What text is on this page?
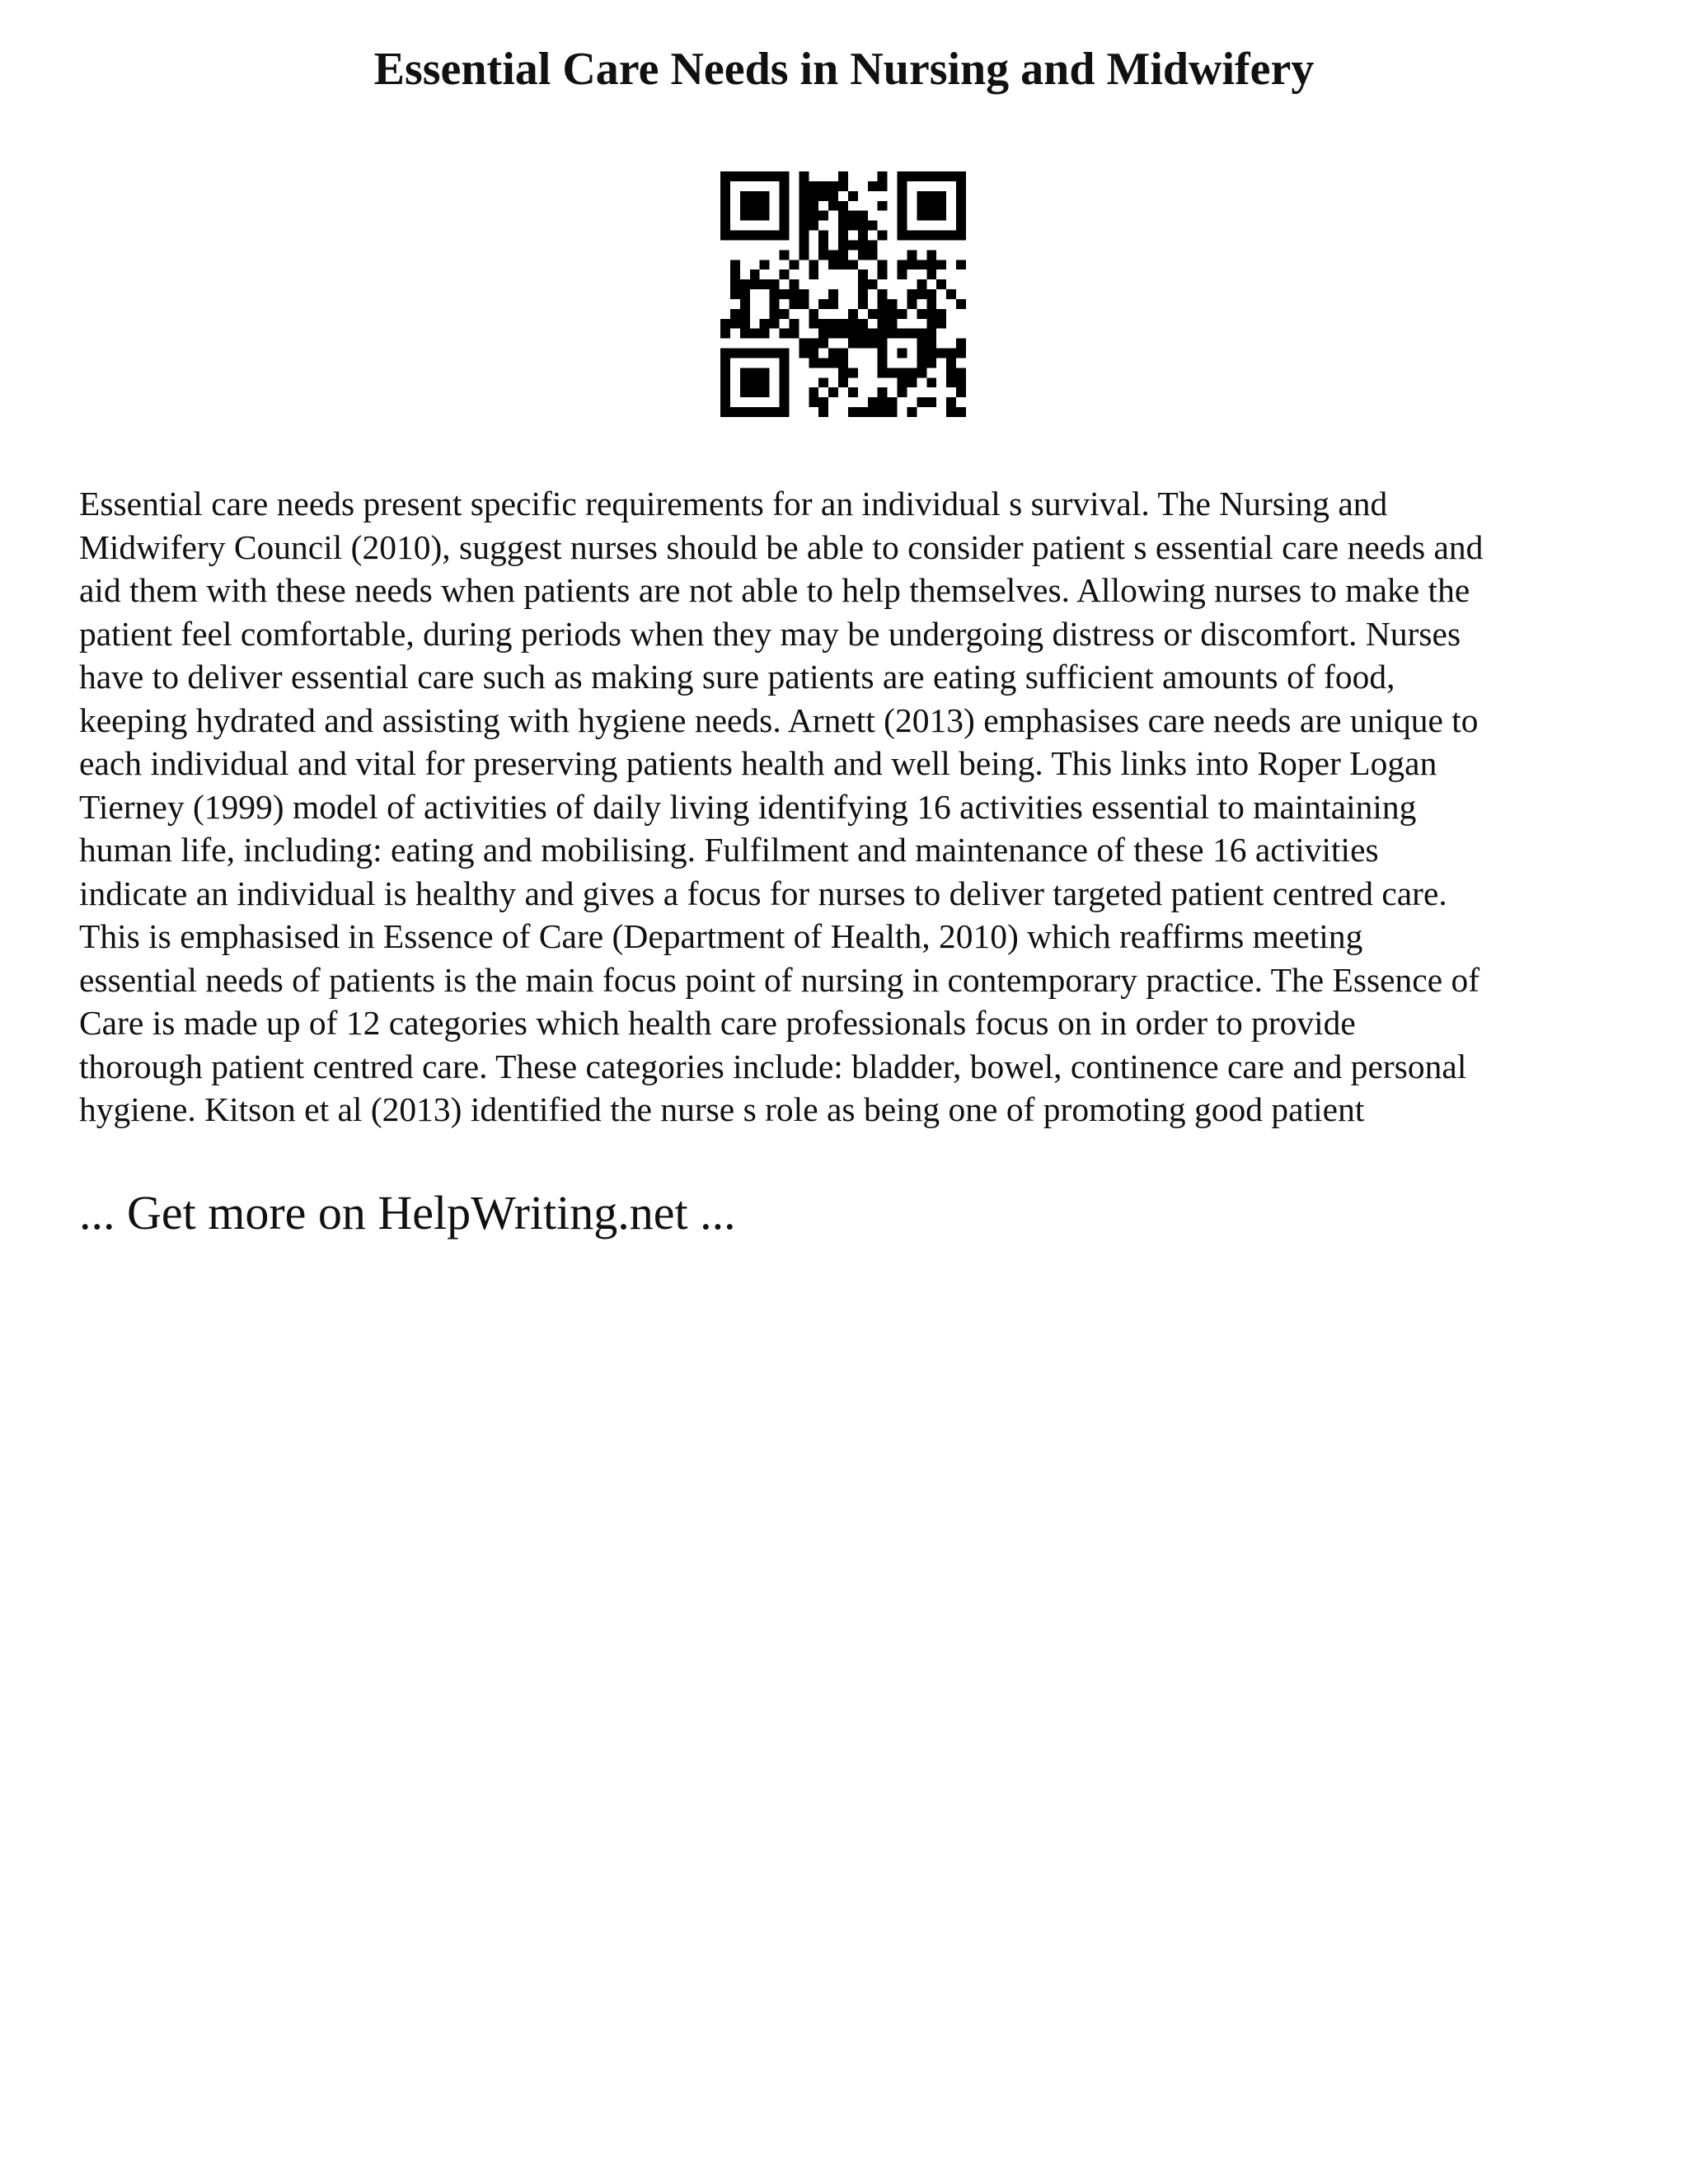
Essential Care Needs in Nursing and Midwifery
Essential care needs present specific requirements for an individual s survival. The Nursing and
Midwifery Council (2010), suggest nurses should be able to consider patient s essential care needs and
aid them with these needs when patients are not able to help themselves. Allowing nurses to make the
patient feel comfortable, during periods when they may be undergoing distress or discomfort. Nurses
have to deliver essential care such as making sure patients are eating sufficient amounts of food,
keeping hydrated and assisting with hygiene needs. Arnett (2013) emphasises care needs are unique to
each individual and vital for preserving patients health and well being. This links into Roper Logan
Tierney (1999) model of activities of daily living identifying 16 activities essential to maintaining
human life, including: eating and mobilising. Fulfilment and maintenance of these 16 activities
indicate an individual is healthy and gives a focus for nurses to deliver targeted patient centred care.
This is emphasised in Essence of Care (Department of Health, 2010) which reaffirms meeting
essential needs of patients is the main focus point of nursing in contemporary practice. The Essence of
Care is made up of 12 categories which health care professionals focus on in order to provide
thorough patient centred care. These categories include: bladder, bowel, continence care and personal
hygiene. Kitson et al (2013) identified the nurse s role as being one of promoting good patient

... Get more on HelpWriting.net ...
